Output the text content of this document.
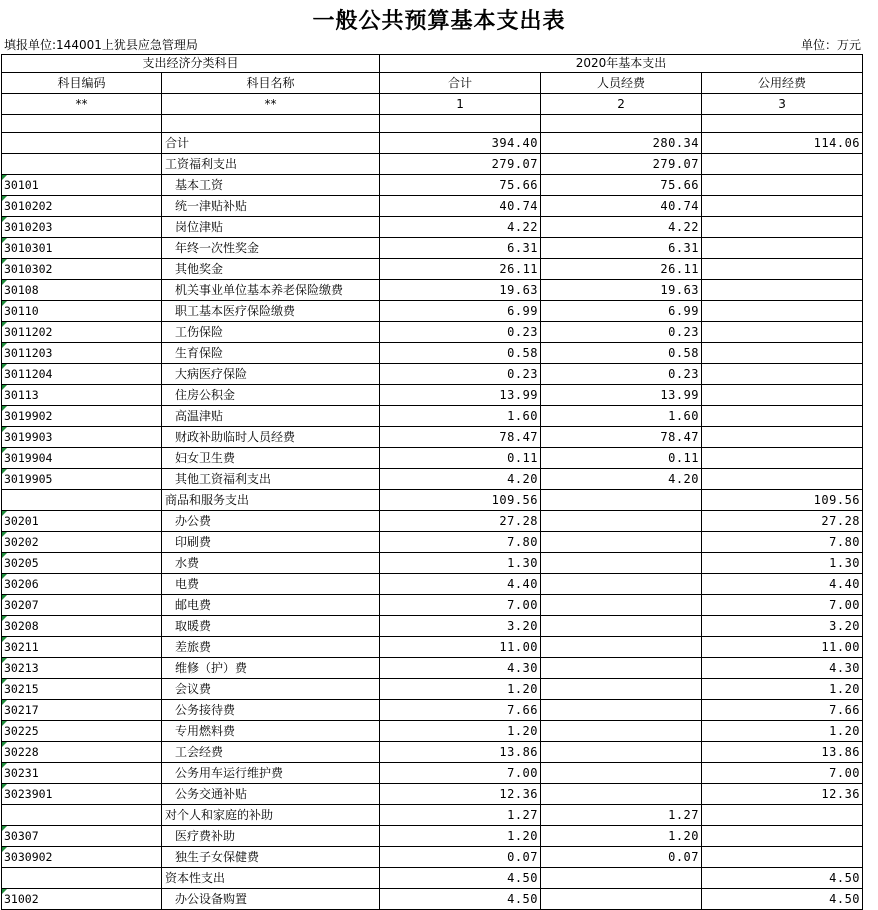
一般公共预算基本支出表
填报单位:144001上犹县应急管理局	单位：万元
支出经济分类科目		2020年基本支出		
科目编码	科目名称	合计	人员经费	公用经费
**	**	1	2	3

	合计	394.40	280.34	114.06
	工资福利支出	279.07	279.07	
30101	基本工资	75.66	75.66	
3010202	统一津贴补贴	40.74	40.74	
3010203	岗位津贴	4.22	4.22	
3010301	年终一次性奖金	6.31	6.31	
3010302	其他奖金	26.11	26.11	
30108	机关事业单位基本养老保险缴费	19.63	19.63	
30110	职工基本医疗保险缴费	6.99	6.99	
3011202	工伤保险	0.23	0.23	
3011203	生育保险	0.58	0.58	
3011204	大病医疗保险	0.23	0.23	
30113	住房公积金	13.99	13.99	
3019902	高温津贴	1.60	1.60	
3019903	财政补助临时人员经费	78.47	78.47	
3019904	妇女卫生费	0.11	0.11	
3019905	其他工资福利支出	4.20	4.20	
	商品和服务支出	109.56		109.56
30201	办公费	27.28		27.28
30202	印刷费	7.80		7.80
30205	水费	1.30		1.30
30206	电费	4.40		4.40
30207	邮电费	7.00		7.00
30208	取暖费	3.20		3.20
30211	差旅费	11.00		11.00
30213	维修（护）费	4.30		4.30
30215	会议费	1.20		1.20
30217	公务接待费	7.66		7.66
30225	专用燃料费	1.20		1.20
30228	工会经费	13.86		13.86
30231	公务用车运行维护费	7.00		7.00
3023901	公务交通补贴	12.36		12.36
	对个人和家庭的补助	1.27	1.27	
30307	医疗费补助	1.20	1.20	
3030902	独生子女保健费	0.07	0.07	
	资本性支出	4.50		4.50
31002	办公设备购置	4.50		4.50
